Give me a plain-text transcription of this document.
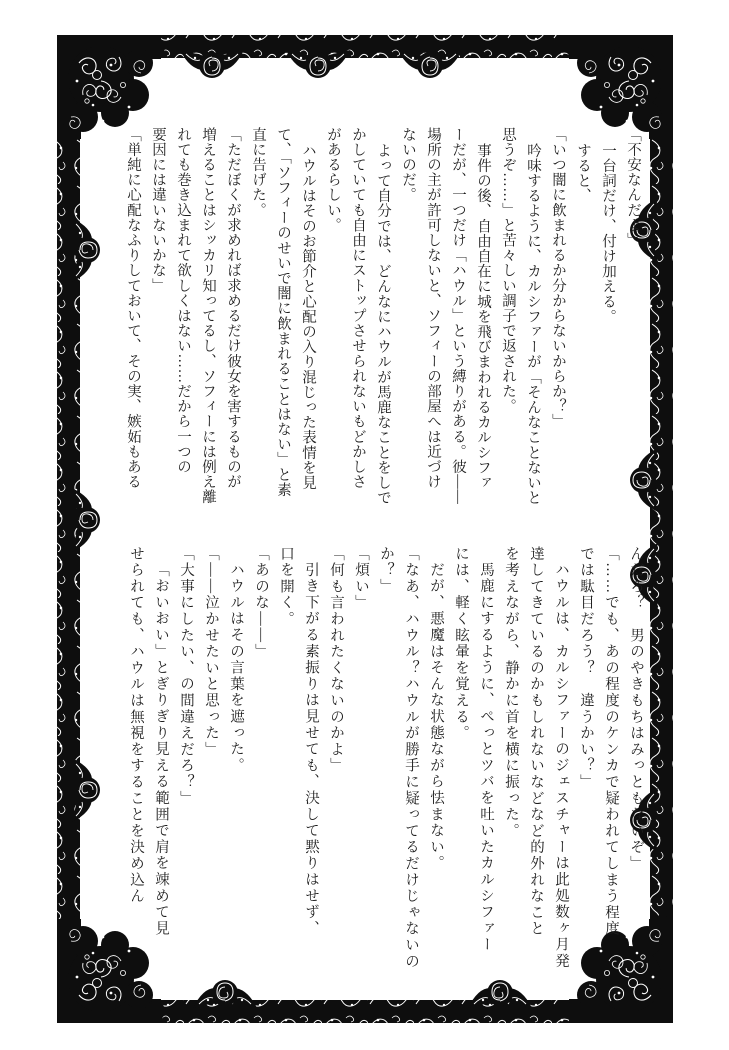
「不安なんだよ」
一台詞だけ、付け加える。
すると、
「いつ闇に飲まれるか分からないからか？」
吟味するように、カルシファーが「そんなことないと
思うぞ……」と苦々しい調子で返された。
事件の後、自由自在に城を飛びまわれるカルシファ
ーだが、一つだけ「ハウル」という縛りがある。彼――
場所の主が許可しないと、ソフィーの部屋へは近づけ
ないのだ。
よって自分では、どんなにハウルが馬鹿なことをしで
かしていても自由にストップさせられないもどかしさ
があるらしい。
ハウルはそのお節介と心配の入り混じった表情を見
て、「ソフィーのせいで闇に飲まれることはない」と素
直に告げた。
「ただぼくが求めれば求めるだけ彼女を害するものが
増えることはシッカリ知ってるし、ソフィーには例え離
れても巻き込まれて欲しくはない……だから一つの
要因には違いないかな」
「単純に心配なふりしておいて、その実、嫉妬もある
んだろ？　男のやきもちはみっともないぞ」
「……でも、あの程度のケンカで疑われてしまう程度
では駄目だろう？　違うかい？」
ハウルは、カルシファーのジェスチャーは此処数ヶ月発
達してきているのかもしれないなどなど的外れなこと
を考えながら、静かに首を横に振った。
馬鹿にするように、ぺっとツバを吐いたカルシファー
には、軽く眩暈を覚える。
だが、悪魔はそんな状態ながら怯まない。
「なあ、ハウル？ハウルが勝手に疑ってるだけじゃないの
か？」
「煩い」
「何も言われたくないのかよ」
引き下がる素振りは見せても、決して黙りはせず、
口を開く。
「あのな――」
ハウルはその言葉を遮った。
「――泣かせたいと思った」
「大事にしたい、の間違えだろ？」
「おいおい」とぎりぎり見える範囲で肩を竦めて見
せられても、ハウルは無視をすることを決め込ん
